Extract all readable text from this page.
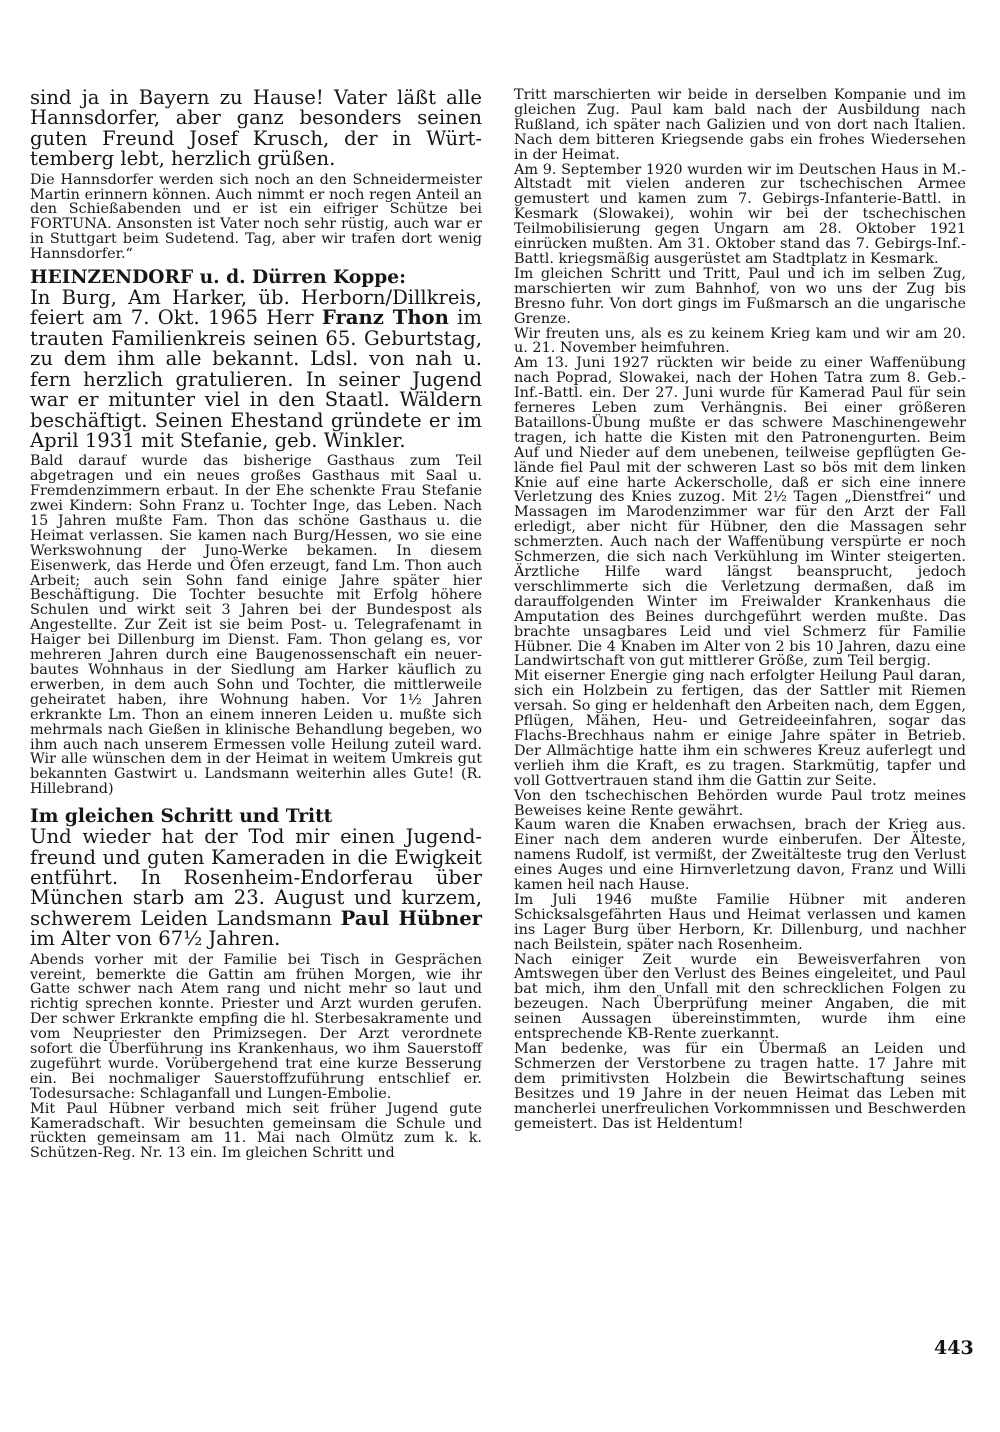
sind ja in Bayern zu Hause! Vater läßt alle Hannsdorfer, aber ganz besonders seinen guten Freund Josef Krusch, der in Württemberg lebt, herzlich grüßen.

Die Hannsdorfer werden sich noch an den Schneidermeister Martin erinnern können. Auch nimmt er noch regen Anteil an den Schießabenden und er ist ein eifriger Schütze bei FORTUNA. Ansonsten ist Vater noch sehr rüstig, auch war er in Stuttgart beim Sudetend. Tag, aber wir trafen dort wenig Hannsdorfer.“

HEINZENDORF u. d. Dürren Koppe:

In Burg, Am Harker, üb. Herborn/Dillkreis, feiert am 7. Okt. 1965 Herr Franz Thon im trauten Familienkreis seinen 65. Geburtstag, zu dem ihm alle bekannt. Ldsl. von nah u. fern herzlich gratulieren. In seiner Jugend war er mitunter viel in den Staatl. Wäldern beschäftigt. Seinen Ehestand gründete er im April 1931 mit Stefanie, geb. Winkler.

Bald darauf wurde das bisherige Gasthaus zum Teil abgetragen und ein neues großes Gasthaus mit Saal u. Fremdenzimmern erbaut. In der Ehe schenkte Frau Stefanie zwei Kindern: Sohn Franz u. Tochter Inge, das Leben. Nach 15 Jahren mußte Fam. Thon das schöne Gasthaus u. die Heimat verlassen. Sie kamen nach Burg/Hessen, wo sie eine Werkswohnung der Juno-Werke bekamen. In diesem Eisenwerk, das Herde und Öfen erzeugt, fand Lm. Thon auch Arbeit; auch sein Sohn fand einige Jahre später hier Beschäftigung. Die Tochter besuchte mit Erfolg höhere Schulen und wirkt seit 3 Jahren bei der Bundespost als Angestellte. Zur Zeit ist sie beim Post- u. Telegrafenamt in Haiger bei Dillenburg im Dienst. Fam. Thon gelang es, vor mehreren Jahren durch eine Baugenossenschaft ein neuerbautes Wohnhaus in der Siedlung am Harker käuflich zu erwerben, in dem auch Sohn und Tochter, die mittlerweile geheiratet haben, ihre Wohnung haben. Vor 1½ Jahren erkrankte Lm. Thon an einem inneren Leiden u. mußte sich mehrmals nach Gießen in klinische Behandlung begeben, wo ihm auch nach unserem Ermessen volle Heilung zuteil ward. Wir alle wünschen dem in der Heimat in weitem Umkreis gut bekannten Gastwirt u. Landsmann weiterhin alles Gute! (R. Hillebrand)

Im gleichen Schritt und Tritt

Und wieder hat der Tod mir einen Jugendfreund und guten Kameraden in die Ewigkeit entführt. In Rosenheim-Endorferau über München starb am 23. August und kurzem, schwerem Leiden Landsmann Paul Hübner im Alter von 67½ Jahren.

Abends vorher mit der Familie bei Tisch in Gesprächen vereint, bemerkte die Gattin am frühen Morgen, wie ihr Gatte schwer nach Atem rang und nicht mehr so laut und richtig sprechen konnte. Priester und Arzt wurden gerufen. Der schwer Erkrankte empfing die hl. Sterbesakramente und vom Neupriester den Primizsegen. Der Arzt verordnete sofort die Überführung ins Krankenhaus, wo ihm Sauerstoff zugeführt wurde. Vorübergehend trat eine kurze Besserung ein. Bei nochmaliger Sauerstoffzuführung entschlief er. Todesursache: Schlaganfall und Lungen-Embolie.

Mit Paul Hübner verband mich seit früher Jugend gute Kameradschaft. Wir besuchten gemeinsam die Schule und rückten gemeinsam am 11. Mai nach Olmütz zum k. k. Schützen-Reg. Nr. 13 ein. Im gleichen Schritt und

Tritt marschierten wir beide in derselben Kompanie und im gleichen Zug. Paul kam bald nach der Ausbildung nach Rußland, ich später nach Galizien und von dort nach Italien. Nach dem bitteren Kriegsende gabs ein frohes Wiedersehen in der Heimat.

Am 9. September 1920 wurden wir im Deutschen Haus in M.-Altstadt mit vielen anderen zur tschechischen Armee gemustert und kamen zum 7. Gebirgs-Infanterie-Battl. in Kesmark (Slowakei), wohin wir bei der tschechischen Teilmobilisierung gegen Ungarn am 28. Oktober 1921 einrücken mußten. Am 31. Oktober stand das 7. Gebirgs-Inf.-Battl. kriegsmäßig ausgerüstet am Stadtplatz in Kesmark.

Im gleichen Schritt und Tritt, Paul und ich im selben Zug, marschierten wir zum Bahnhof, von wo uns der Zug bis Bresno fuhr. Von dort gings im Fußmarsch an die ungarische Grenze.

Wir freuten uns, als es zu keinem Krieg kam und wir am 20. u. 21. November heimfuhren.

Am 13. Juni 1927 rückten wir beide zu einer Waffenübung nach Poprad, Slowakei, nach der Hohen Tatra zum 8. Geb.-Inf.-Battl. ein. Der 27. Juni wurde für Kamerad Paul für sein ferneres Leben zum Verhängnis. Bei einer größeren Bataillons-Übung mußte er das schwere Maschinengewehr tragen, ich hatte die Kisten mit den Patronengurten. Beim Auf und Nieder auf dem unebenen, teilweise gepflügten Gelände fiel Paul mit der schweren Last so bös mit dem linken Knie auf eine harte Ackerscholle, daß er sich eine innere Verletzung des Knies zuzog. Mit 2½ Tagen „Dienstfrei“ und Massagen im Marodenzimmer war für den Arzt der Fall erledigt, aber nicht für Hübner, den die Massagen sehr schmerzten. Auch nach der Waffenübung verspürte er noch Schmerzen, die sich nach Verkühlung im Winter steigerten. Ärztliche Hilfe ward längst beansprucht, jedoch verschlimmerte sich die Verletzung dermaßen, daß im darauffolgenden Winter im Freiwalder Krankenhaus die Amputation des Beines durchgeführt werden mußte. Das brachte unsagbares Leid und viel Schmerz für Familie Hübner. Die 4 Knaben im Alter von 2 bis 10 Jahren, dazu eine Landwirtschaft von gut mittlerer Größe, zum Teil bergig.

Mit eiserner Energie ging nach erfolgter Heilung Paul daran, sich ein Holzbein zu fertigen, das der Sattler mit Riemen versah. So ging er heldenhaft den Arbeiten nach, dem Eggen, Pflügen, Mähen, Heu- und Getreideeinfahren, sogar das Flachs-Brechhaus nahm er einige Jahre später in Betrieb. Der Allmächtige hatte ihm ein schweres Kreuz auferlegt und verlieh ihm die Kraft, es zu tragen. Starkmütig, tapfer und voll Gottvertrauen stand ihm die Gattin zur Seite.

Von den tschechischen Behörden wurde Paul trotz meines Beweises keine Rente gewährt.

Kaum waren die Knaben erwachsen, brach der Krieg aus. Einer nach dem anderen wurde einberufen. Der Älteste, namens Rudolf, ist vermißt, der Zweitälteste trug den Verlust eines Auges und eine Hirnverletzung davon, Franz und Willi kamen heil nach Hause.

Im Juli 1946 mußte Familie Hübner mit anderen Schicksalsgefährten Haus und Heimat verlassen und kamen ins Lager Burg über Herborn, Kr. Dillenburg, und nachher nach Beilstein, später nach Rosenheim.

Nach einiger Zeit wurde ein Beweisverfahren von Amtswegen über den Verlust des Beines eingeleitet, und Paul bat mich, ihm den Unfall mit den schrecklichen Folgen zu bezeugen. Nach Überprüfung meiner Angaben, die mit seinen Aussagen übereinstimmten, wurde ihm eine entsprechende KB-Rente zuerkannt.

Man bedenke, was für ein Übermaß an Leiden und Schmerzen der Verstorbene zu tragen hatte. 17 Jahre mit dem primitivsten Holzbein die Bewirtschaftung seines Besitzes und 19 Jahre in der neuen Heimat das Leben mit mancherlei unerfreulichen Vorkommnissen und Beschwerden gemeistert. Das ist Heldentum!

443
